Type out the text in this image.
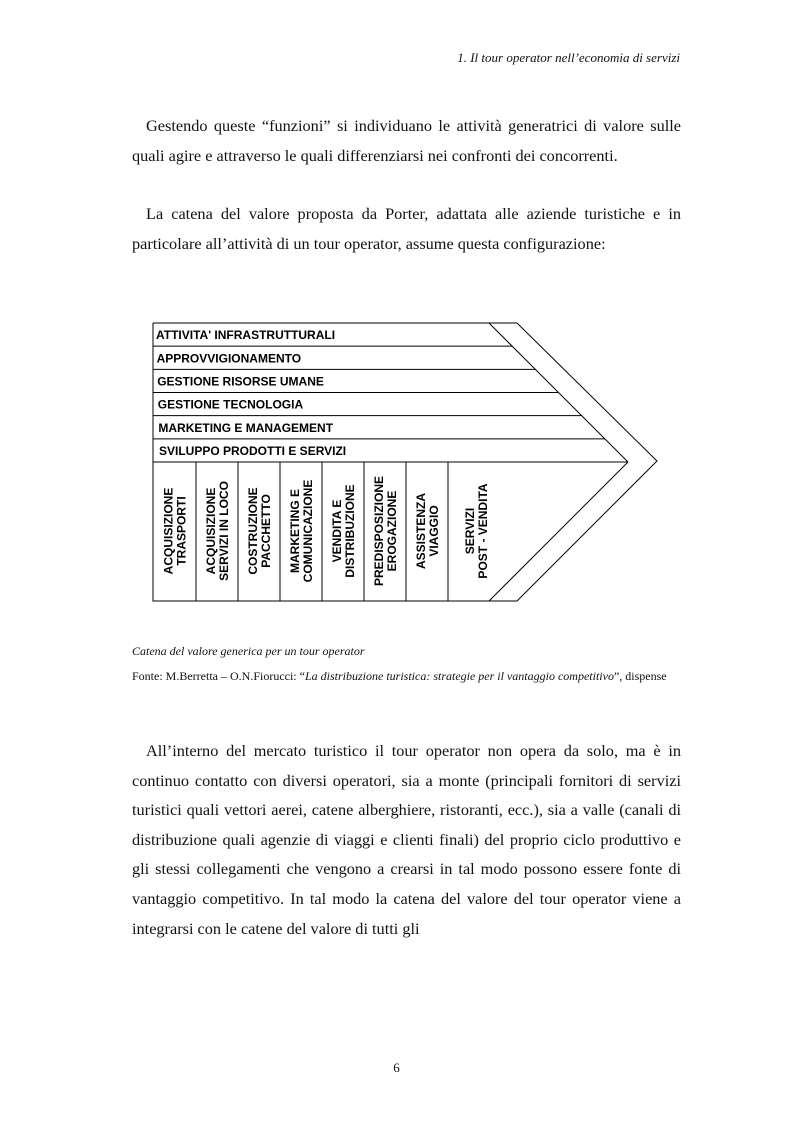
1. Il tour operator nell’economia di servizi

Gestendo queste “funzioni” si individuano le attività generatrici di valore sulle quali agire e attraverso le quali differenziarsi nei confronti dei concorrenti.

La catena del valore proposta da Porter, adattata alle aziende turistiche e in particolare all’attività di un tour operator, assume questa configurazione:

ATTIVITA' INFRASTRUTTURALI
APPROVVIGIONAMENTO
GESTIONE RISORSE UMANE
GESTIONE TECNOLOGIA
MARKETING E MANAGEMENT
SVILUPPO PRODOTTI E SERVIZI
ACQUISIZIONE TRASPORTI ACQUISIZIONE SERVIZI IN LOCO COSTRUZIONE PACCHETTO MARKETING E COMUNICAZIONE VENDITA E DISTRIBUZIONE PREDISPOSIZIONE EROGAZIONE ASSISTENZA VIAGGIO SERVIZI POST - VENDITA

Catena del valore generica per un tour operator

Fonte: M.Berretta – O.N.Fiorucci: “La distribuzione turistica: strategie per il vantaggio competitivo”, dispense

All’interno del mercato turistico il tour operator non opera da solo, ma è in continuo contatto con diversi operatori, sia a monte (principali fornitori di servizi turistici quali vettori aerei, catene alberghiere, ristoranti, ecc.), sia a valle (canali di distribuzione quali agenzie di viaggi e clienti finali) del proprio ciclo produttivo e gli stessi collegamenti che vengono a crearsi in tal modo possono essere fonte di vantaggio competitivo. In tal modo la catena del valore del tour operator viene a integrarsi con le catene del valore di tutti gli

6
